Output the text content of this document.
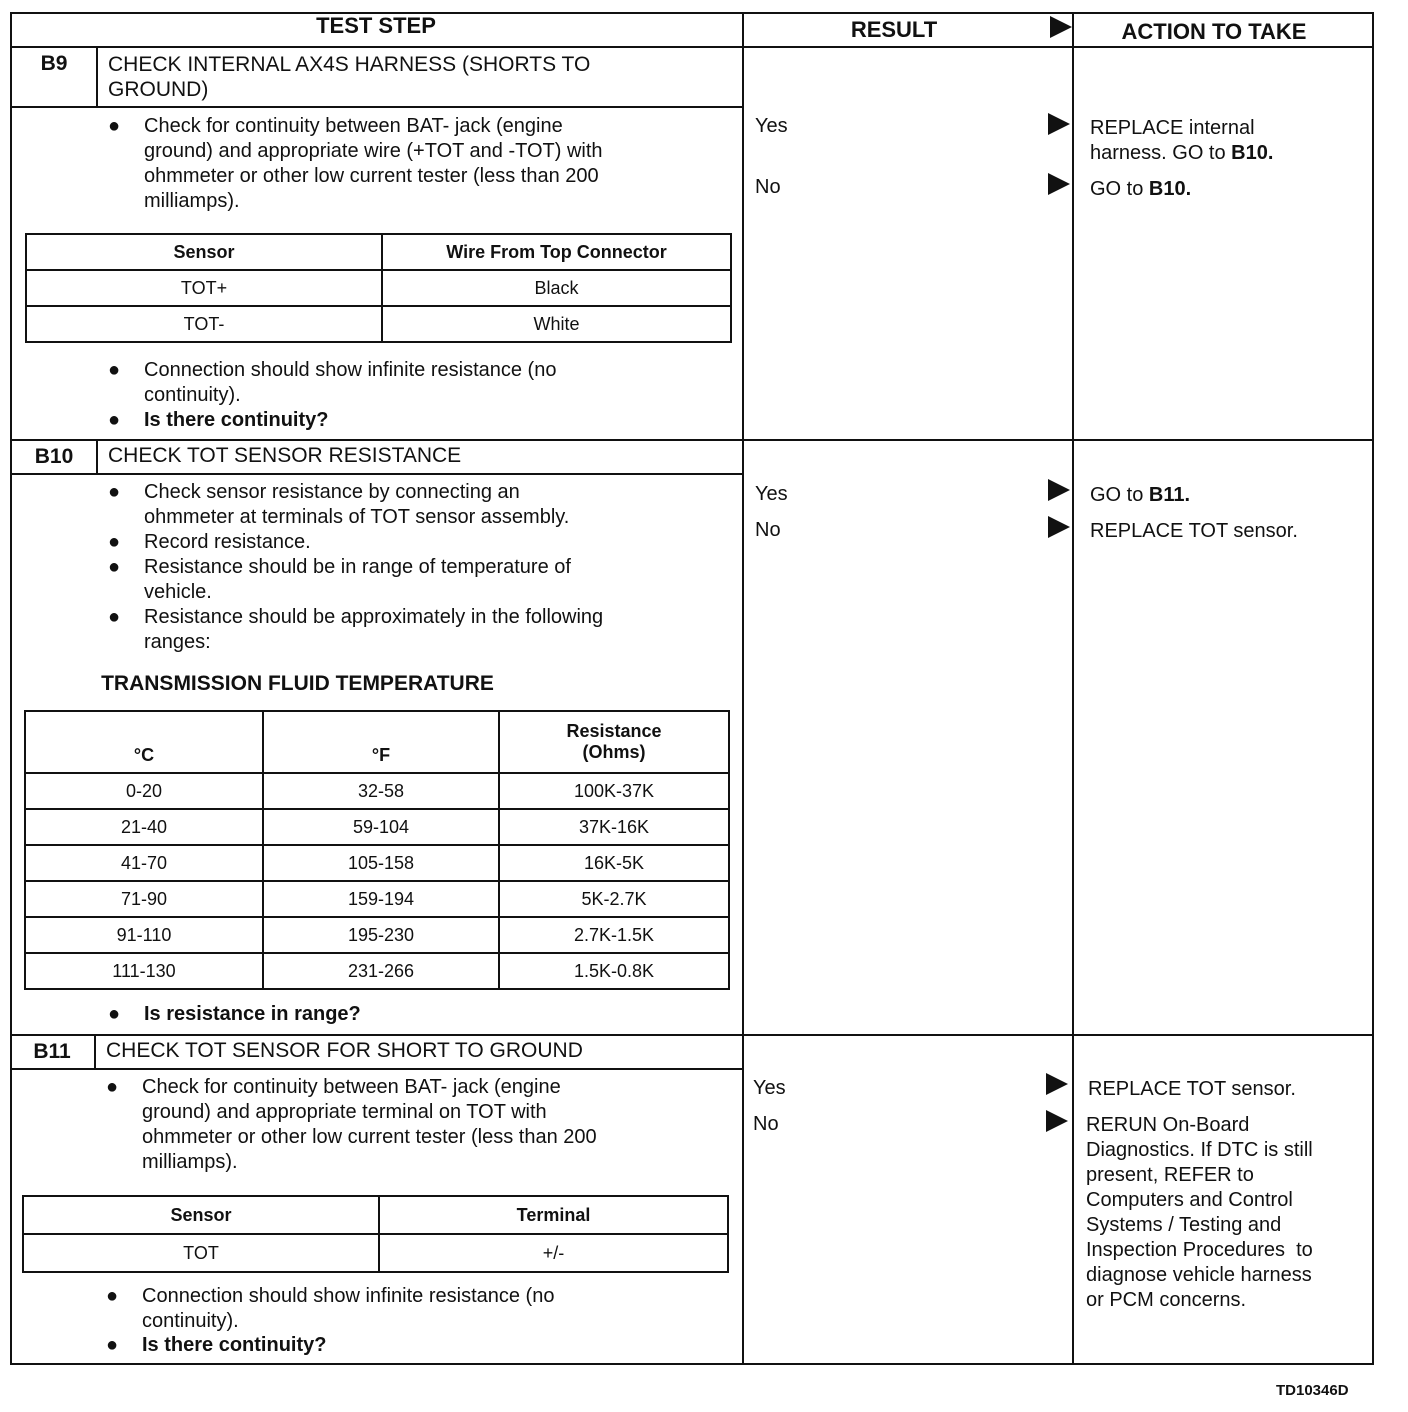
TEST STEP	RESULT	ACTION TO TAKE
B9	CHECK INTERNAL AX4S HARNESS (SHORTS TO
GROUND)
● Check for continuity between BAT- jack (engine
ground) and appropriate wire (+TOT and -TOT) with
ohmmeter or other low current tester (less than 200
milliamps).
Sensor	Wire From Top Connector
TOT+	Black
TOT-	White
● Connection should show infinite resistance (no
continuity).
● Is there continuity?
Yes	REPLACE internal
harness. GO to B10.
No	GO to B10.
B10	CHECK TOT SENSOR RESISTANCE
● Check sensor resistance by connecting an
ohmmeter at terminals of TOT sensor assembly.
● Record resistance.
● Resistance should be in range of temperature of
vehicle.
● Resistance should be approximately in the following
ranges:
TRANSMISSION FLUID TEMPERATURE
°C	°F	Resistance
(Ohms)

0-20	32-58	100K-37K
21-40	59-104	37K-16K
41-70	105-158	16K-5K
71-90	159-194	5K-2.7K
91-110	195-230	2.7K-1.5K
111-130	231-266	1.5K-0.8K
● Is resistance in range?
Yes	GO to B11.
No	REPLACE TOT sensor.
B11	CHECK TOT SENSOR FOR SHORT TO GROUND
● Check for continuity between BAT- jack (engine
ground) and appropriate terminal on TOT with
ohmmeter or other low current tester (less than 200
milliamps).
Sensor	Terminal
TOT	+/-
● Connection should show infinite resistance (no
continuity).
● Is there continuity?
Yes	REPLACE TOT sensor.
No	RERUN On-Board
Diagnostics. If DTC is still
present, REFER to
Computers and Control
Systems / Testing and
Inspection Procedures  to
diagnose vehicle harness
or PCM concerns.
TD10346D
